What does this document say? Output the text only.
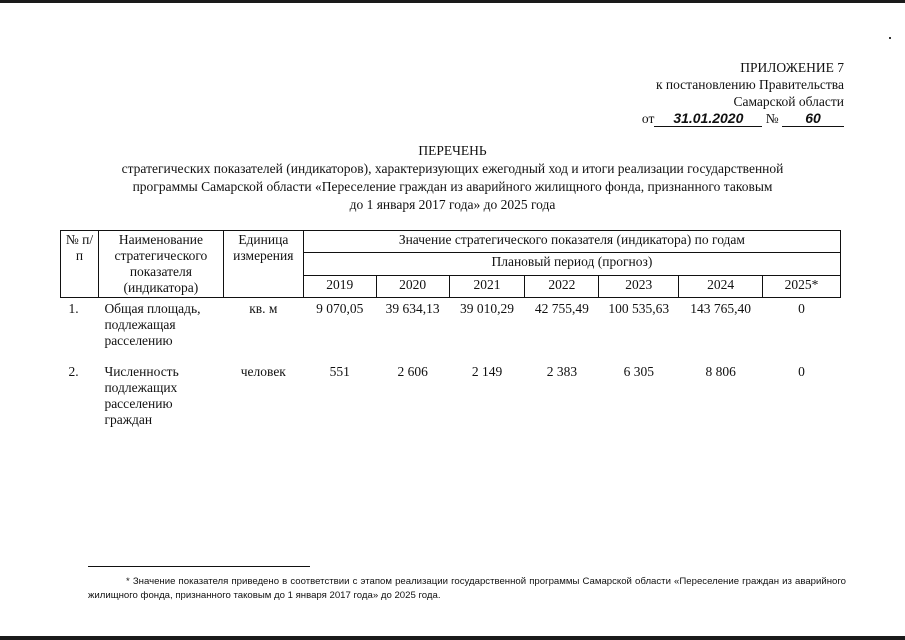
ПРИЛОЖЕНИЕ 7
к постановлению Правительства
Самарской области
от 31.01.2020 № 60
ПЕРЕЧЕНЬ
стратегических показателей (индикаторов), характеризующих ежегодный ход и итоги реализации государственной
программы Самарской области «Переселение граждан из аварийного жилищного фонда, признанного таковым
до 1 января 2017 года» до 2025 года
№ п/п	Наименование стратегического показателя (индикатора)	Единица измерения	Значение стратегического показателя (индикатора) по годам						
			Плановый период (прогноз)						
			2019	2020	2021	2022	2023	2024	2025*
1.	Общая площадь, подлежащая расселению	кв. м	9 070,05	39 634,13	39 010,29	42 755,49	100 535,63	143 765,40	0
2.	Численность подлежащих расселению граждан	человек	551	2 606	2 149	2 383	6 305	8 806	0
* Значение показателя приведено в соответствии с этапом реализации государственной программы Самарской области «Переселение граждан из аварийного жилищного фонда, признанного таковым до 1 января 2017 года» до 2025 года.
